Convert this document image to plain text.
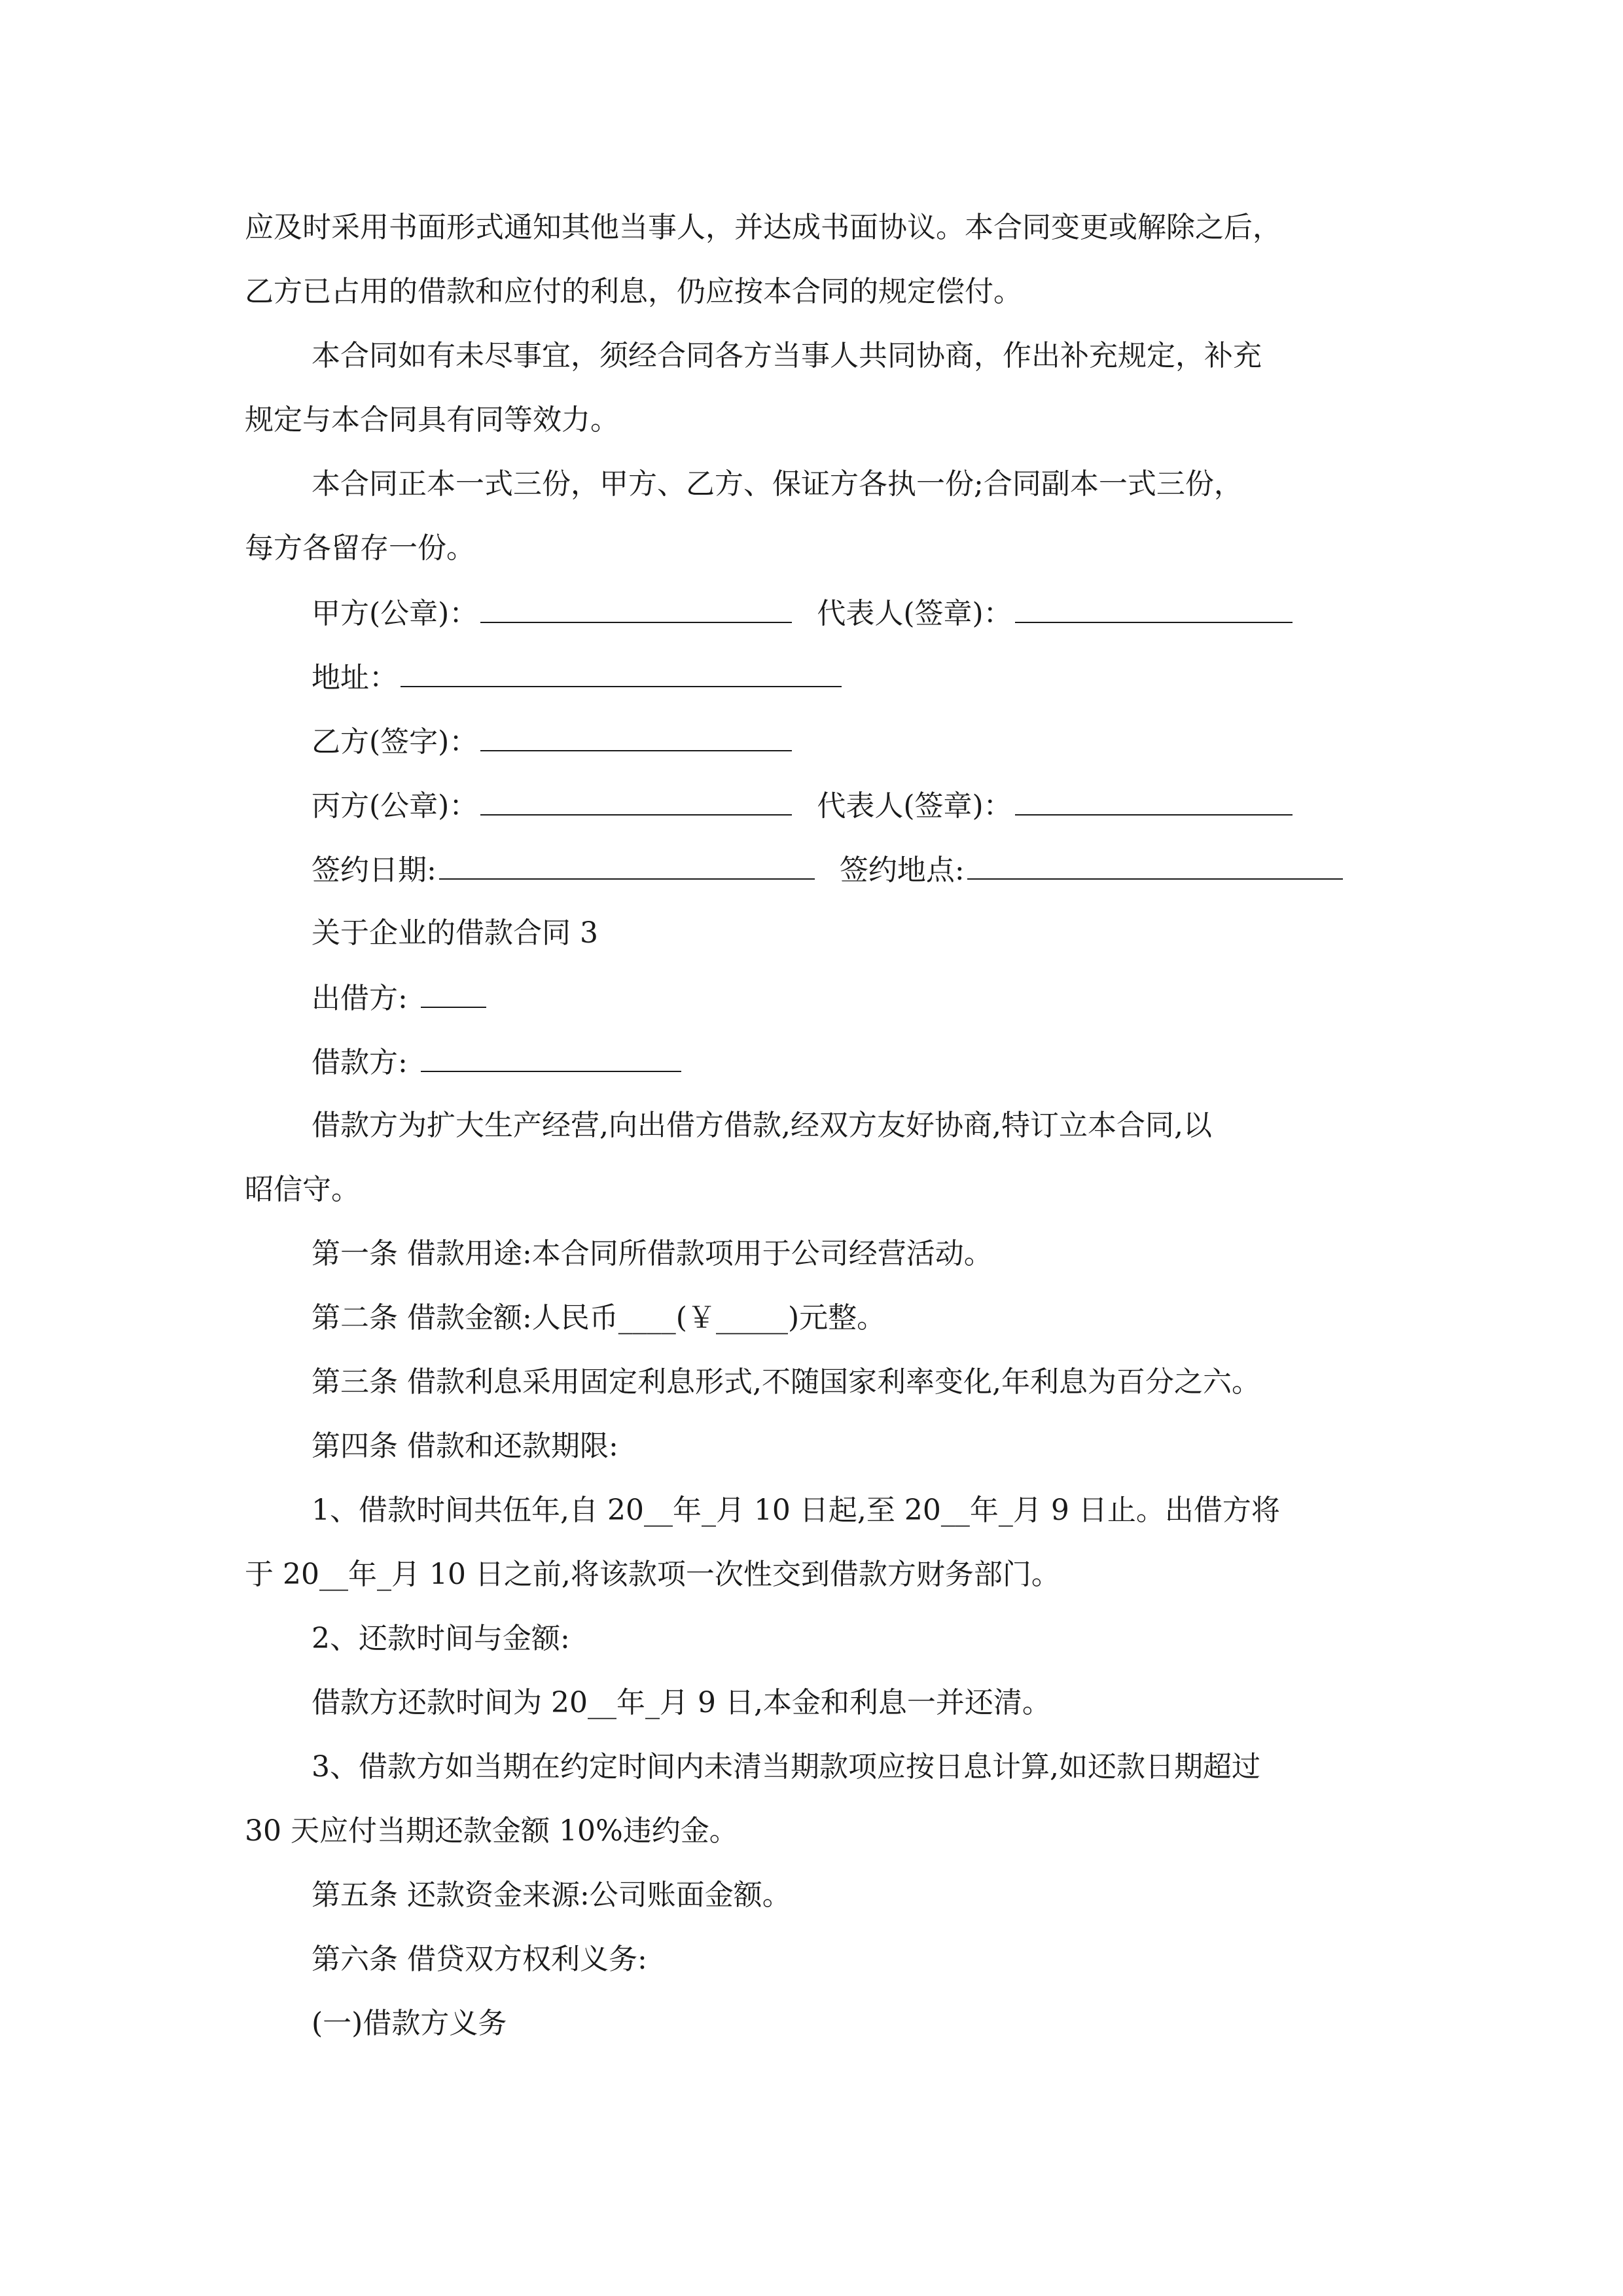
应及时采用书面形式通知其他当事人，并达成书面协议。本合同变更或解除之后，
乙方已占用的借款和应付的利息，仍应按本合同的规定偿付。
本合同如有未尽事宜，须经合同各方当事人共同协商，作出补充规定，补充
规定与本合同具有同等效力。
本合同正本一式三份，甲方、乙方、保证方各执一份;合同副本一式三份，
每方各留存一份。
甲方(公章)：	代表人(签章)：
地址：
乙方(签字)：
丙方(公章)：	代表人(签章)：
签约日期:	签约地点:
关于企业的借款合同 3
出借方:
借款方:
借款方为扩大生产经营,向出借方借款,经双方友好协商,特订立本合同,以
昭信守。
第一条 借款用途:本合同所借款项用于公司经营活动。
第二条 借款金额:人民币____(￥_____)元整。
第三条 借款利息采用固定利息形式,不随国家利率变化,年利息为百分之六。
第四条 借款和还款期限:
1、借款时间共伍年,自 20__年_月 10 日起,至 20__年_月 9 日止。出借方将
于 20__年_月 10 日之前,将该款项一次性交到借款方财务部门。
2、还款时间与金额:
借款方还款时间为 20__年_月 9 日,本金和利息一并还清。
3、借款方如当期在约定时间内未清当期款项应按日息计算,如还款日期超过
30 天应付当期还款金额 10%违约金。
第五条 还款资金来源:公司账面金额。
第六条 借贷双方权利义务:
(一)借款方义务
